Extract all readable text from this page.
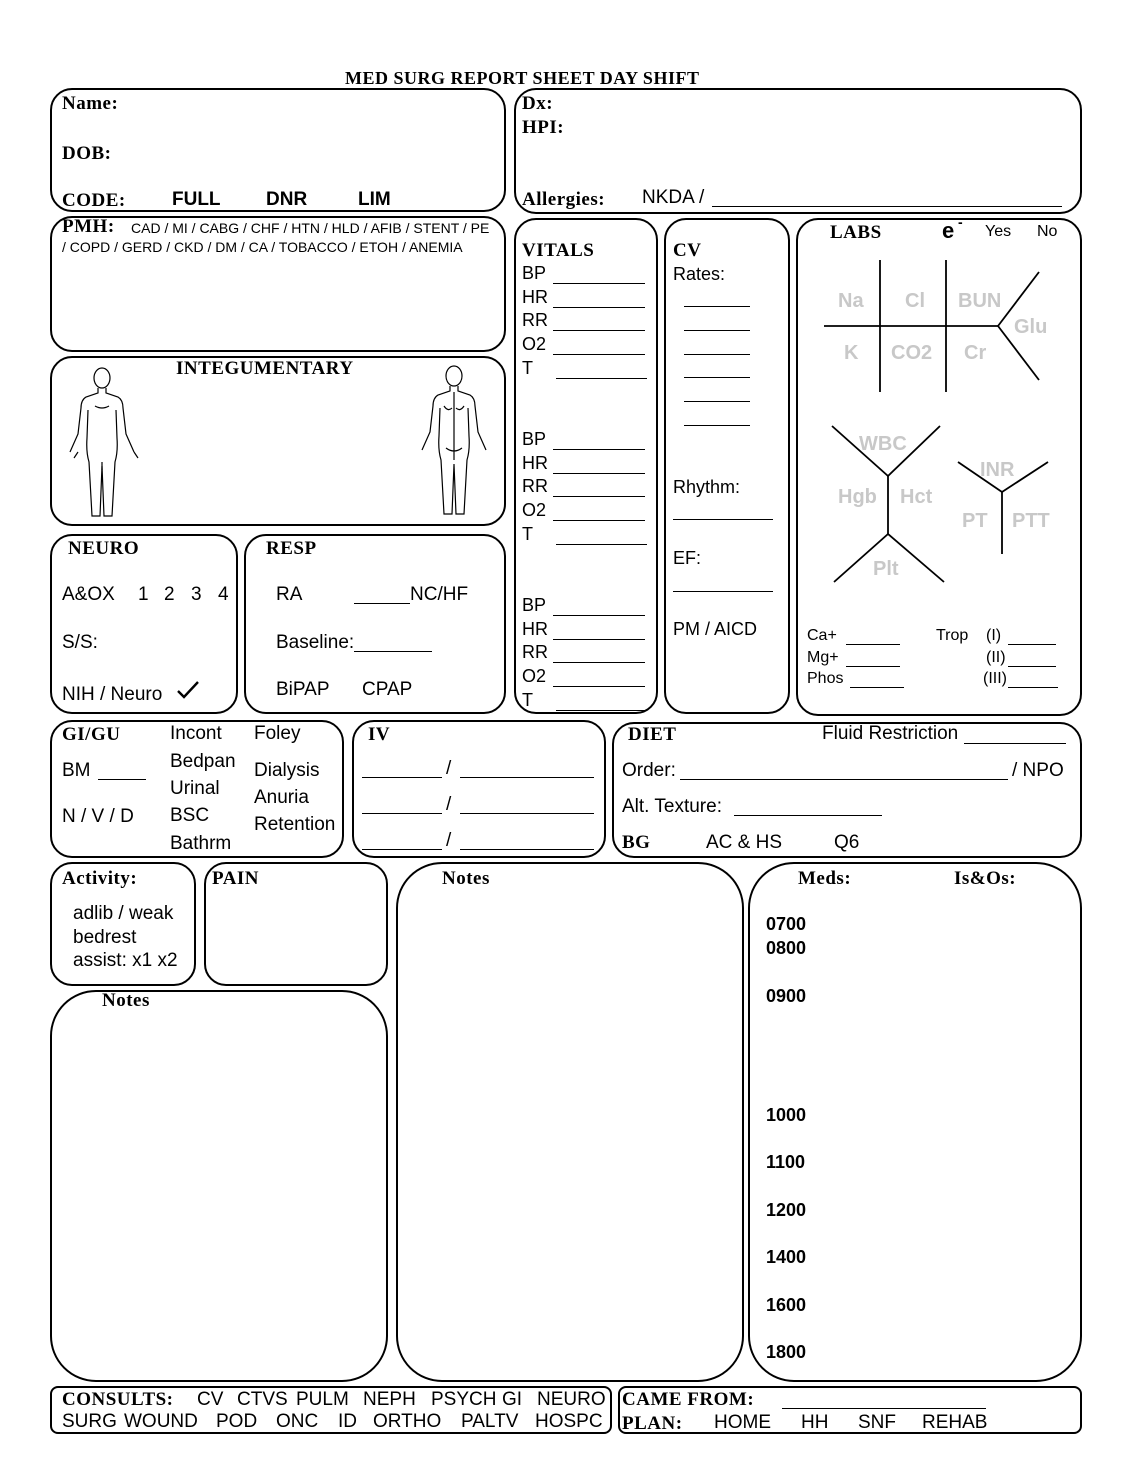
MED SURG REPORT SHEET DAY SHIFT
Name:
DOB:
CODE: FULL DNR	LIM
Dx:
HPI:
Allergies: NKDA /
PMH: CAD / MI / CABG / CHF / HTN / HLD / AFIB / STENT / PE
/ COPD / GERD / CKD / DM / CA / TOBACCO / ETOH / ANEMIA
INTEGUMENTARY
NEURO
A&OX 1 2 3 4
S/S:
NIH / Neuro
RESP
RA	NC/HF
Baseline:
BiPAP CPAP
VITALS
BP
HR
RR
O2
T
BP
HR
RR
O2
T
BP
HR
RR
O2
T
CV
Rates:
Rhythm:
EF:
PM / AICD
LABS	e -
Yes No
Na Cl BUN
Glu
K CO2 Cr
WBC
Hgb Hct
Plt
INR
PT PTT
Ca+
Mg+
Phos
Trop (I)
(II)
(III)
GI/GU
BM
N / V / D
Incont
Bedpan
Urinal
BSC
Bathrm
Foley
Dialysis
Anuria
Retention
IV
/
/
/
DIET	Fluid Restriction
Order:	/ NPO
Alt. Texture:
BG	AC & HS	Q6
Activity:
adlib / weak
bedrest
assist: x1 x2
PAIN
Notes
Notes	Meds:	Is&Os:
0700
0800
0900
1000
1100
1200
1400
1600
1800
CONSULTS: CV CTVS PULM NEPH PSYCH GI NEURO
SURG WOUND POD ONC ID ORTHO PALTV HOSPC
CAME FROM:
PLAN: HOME HH SNF REHAB
